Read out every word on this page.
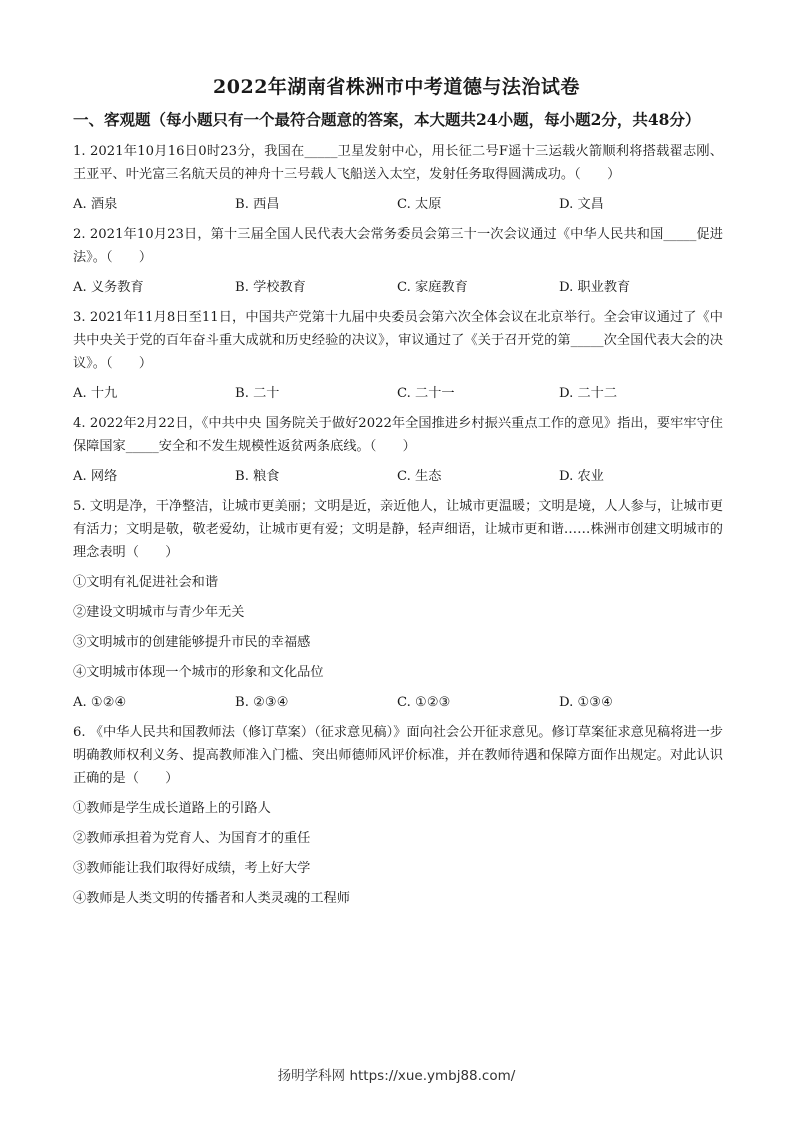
2022年湖南省株洲市中考道德与法治试卷
一、客观题（每小题只有一个最符合题意的答案，本大题共24小题，每小题2分，共48分）

1. 2021年10月16日0时23分，我国在_____卫星发射中心，用长征二号F遥十三运载火箭顺利将搭载翟志刚、王亚平、叶光富三名航天员的神舟十三号载人飞船送入太空，发射任务取得圆满成功。（　　）

A. 酒泉	B. 西昌	C. 太原	D. 文昌

2. 2021年10月23日，第十三届全国人民代表大会常务委员会第三十一次会议通过《中华人民共和国_____促进法》。（　　）

A. 义务教育	B. 学校教育	C. 家庭教育	D. 职业教育

3. 2021年11月8日至11日，中国共产党第十九届中央委员会第六次全体会议在北京举行。全会审议通过了《中共中央关于党的百年奋斗重大成就和历史经验的决议》，审议通过了《关于召开党的第_____次全国代表大会的决议》。（　　）

A. 十九	B. 二十	C. 二十一	D. 二十二

4. 2022年2月22日，《中共中央 国务院关于做好2022年全国推进乡村振兴重点工作的意见》指出，要牢牢守住保障国家_____安全和不发生规模性返贫两条底线。（　　）

A. 网络	B. 粮食	C. 生态	D. 农业

5. 文明是净，干净整洁，让城市更美丽；文明是近，亲近他人，让城市更温暖；文明是境，人人参与，让城市更有活力；文明是敬，敬老爱幼，让城市更有爱；文明是静，轻声细语，让城市更和谐……株洲市创建文明城市的理念表明（　　）

①文明有礼促进社会和谐
②建设文明城市与青少年无关
③文明城市的创建能够提升市民的幸福感
④文明城市体现一个城市的形象和文化品位
A. ①②④	B. ②③④	C. ①②③	D. ①③④

6. 《中华人民共和国教师法（修订草案）（征求意见稿）》面向社会公开征求意见。修订草案征求意见稿将进一步明确教师权利义务、提高教师准入门槛、突出师德师风评价标准，并在教师待遇和保障方面作出规定。对此认识正确的是（　　）

①教师是学生成长道路上的引路人
②教师承担着为党育人、为国育才的重任
③教师能让我们取得好成绩，考上好大学
④教师是人类文明的传播者和人类灵魂的工程师
扬明学科网 https://xue.ymbj88.com/
